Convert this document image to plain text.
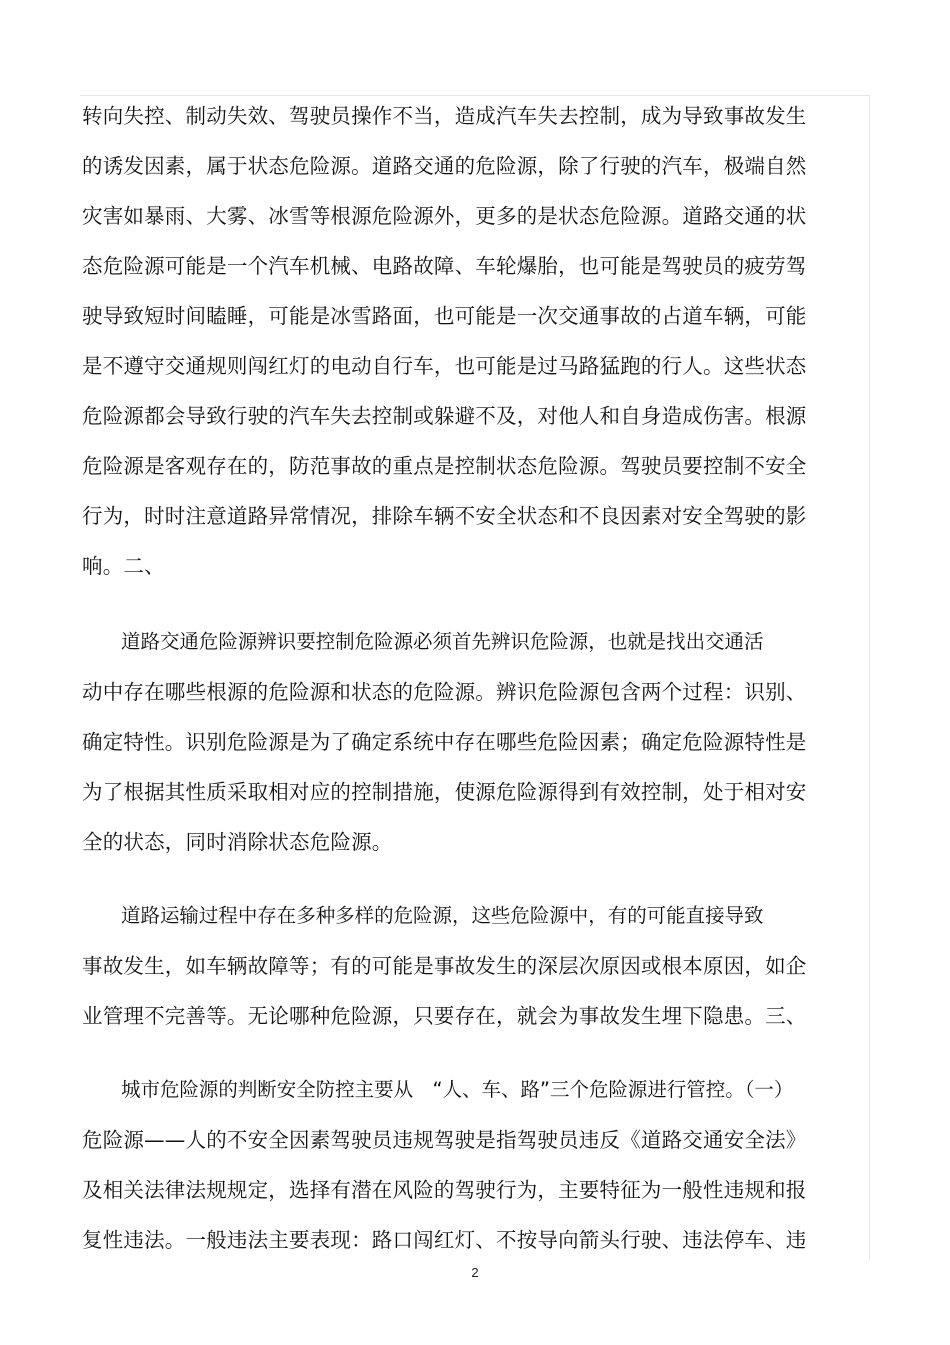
转向失控、制动失效、驾驶员操作不当，造成汽车失去控制，成为导致事故发生
的诱发因素，属于状态危险源。道路交通的危险源，除了行驶的汽车，极端自然
灾害如暴雨、大雾、冰雪等根源危险源外，更多的是状态危险源。道路交通的状
态危险源可能是一个汽车机械、电路故障、车轮爆胎，也可能是驾驶员的疲劳驾
驶导致短时间瞌睡，可能是冰雪路面，也可能是一次交通事故的占道车辆，可能
是不遵守交通规则闯红灯的电动自行车，也可能是过马路猛跑的行人。这些状态
危险源都会导致行驶的汽车失去控制或躲避不及，对他人和自身造成伤害。根源
危险源是客观存在的，防范事故的重点是控制状态危险源。驾驶员要控制不安全
行为，时时注意道路异常情况，排除车辆不安全状态和不良因素对安全驾驶的影
响。二、
道路交通危险源辨识要控制危险源必须首先辨识危险源，也就是找出交通活
动中存在哪些根源的危险源和状态的危险源。辨识危险源包含两个过程：识别、
确定特性。识别危险源是为了确定系统中存在哪些危险因素；确定危险源特性是
为了根据其性质采取相对应的控制措施，使源危险源得到有效控制，处于相对安
全的状态，同时消除状态危险源。
道路运输过程中存在多种多样的危险源，这些危险源中，有的可能直接导致
事故发生，如车辆故障等；有的可能是事故发生的深层次原因或根本原因，如企
业管理不完善等。无论哪种危险源，只要存在，就会为事故发生埋下隐患。三、
城市危险源的判断安全防控主要从　“人、车、路”三个危险源进行管控。（一）
危险源——人的不安全因素驾驶员违规驾驶是指驾驶员违反《道路交通安全法》
及相关法律法规规定，选择有潜在风险的驾驶行为，主要特征为一般性违规和报
复性违法。一般违法主要表现：路口闯红灯、不按导向箭头行驶、违法停车、违
2
